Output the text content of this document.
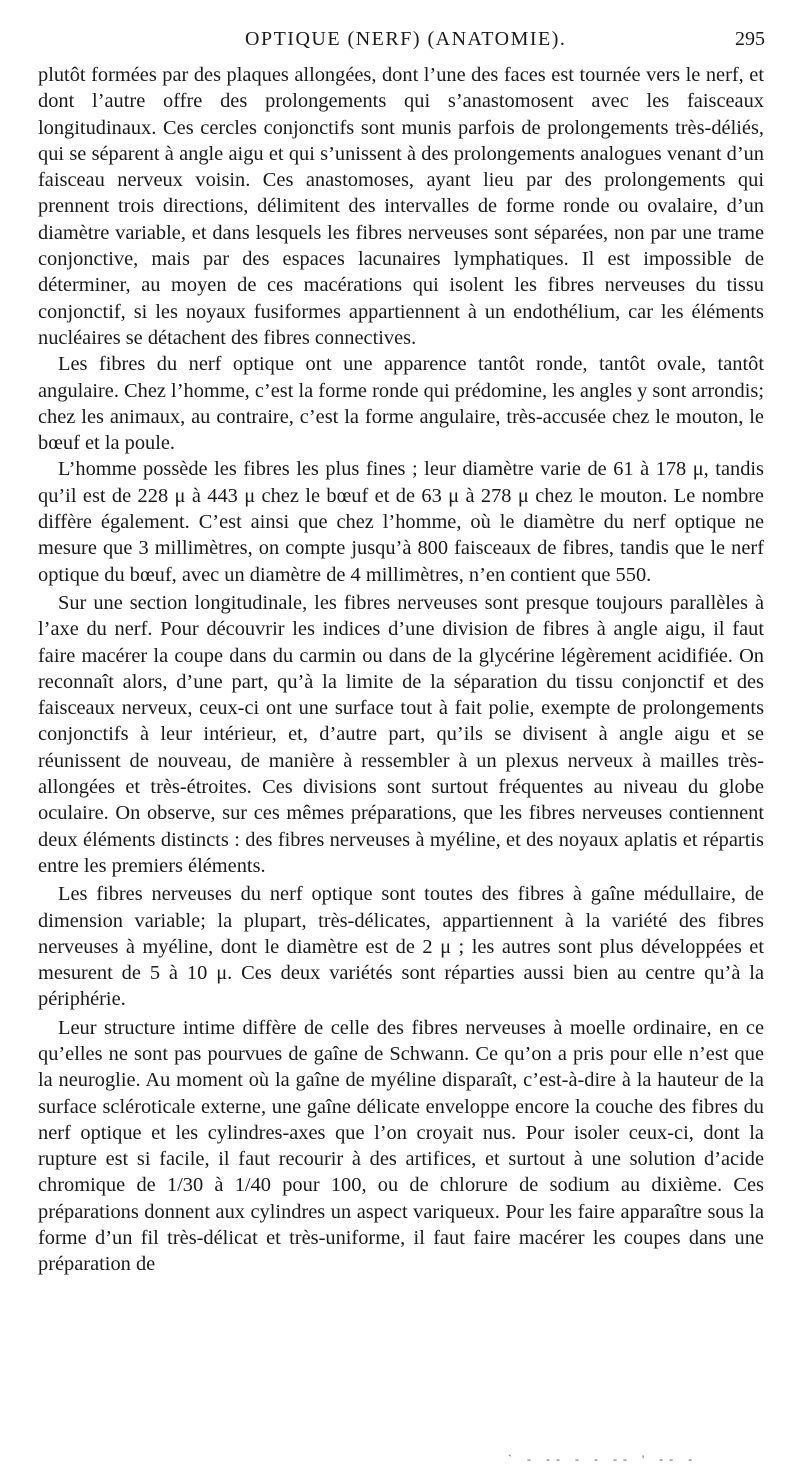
OPTIQUE (NERF) (ANATOMIE).	295

plutôt formées par des plaques allongées, dont l’une des faces est tournée vers le nerf, et dont l’autre offre des prolongements qui s’anastomosent avec les faisceaux longitudinaux. Ces cercles conjonctifs sont munis parfois de prolongements très-déliés, qui se séparent à angle aigu et qui s’unissent à des prolongements analogues venant d’un faisceau nerveux voisin. Ces anastomoses, ayant lieu par des prolongements qui prennent trois directions, délimitent des intervalles de forme ronde ou ovalaire, d’un diamètre variable, et dans lesquels les fibres nerveuses sont séparées, non par une trame conjonctive, mais par des espaces lacunaires lymphatiques. Il est impossible de déterminer, au moyen de ces macérations qui isolent les fibres nerveuses du tissu conjonctif, si les noyaux fusiformes appartiennent à un endothélium, car les éléments nucléaires se détachent des fibres connectives.

Les fibres du nerf optique ont une apparence tantôt ronde, tantôt ovale, tantôt angulaire. Chez l’homme, c’est la forme ronde qui prédomine, les angles y sont arrondis; chez les animaux, au contraire, c’est la forme angulaire, très-accusée chez le mouton, le bœuf et la poule.

L’homme possède les fibres les plus fines ; leur diamètre varie de 61 à 178 μ, tandis qu’il est de 228 μ à 443 μ chez le bœuf et de 63 μ à 278 μ chez le mouton. Le nombre diffère également. C’est ainsi que chez l’homme, où le diamètre du nerf optique ne mesure que 3 millimètres, on compte jusqu’à 800 faisceaux de fibres, tandis que le nerf optique du bœuf, avec un diamètre de 4 millimètres, n’en contient que 550.

Sur une section longitudinale, les fibres nerveuses sont presque toujours parallèles à l’axe du nerf. Pour découvrir les indices d’une division de fibres à angle aigu, il faut faire macérer la coupe dans du carmin ou dans de la glycérine légèrement acidifiée. On reconnaît alors, d’une part, qu’à la limite de la séparation du tissu conjonctif et des faisceaux nerveux, ceux-ci ont une surface tout à fait polie, exempte de prolongements conjonctifs à leur intérieur, et, d’autre part, qu’ils se divisent à angle aigu et se réunissent de nouveau, de manière à ressembler à un plexus nerveux à mailles très-allongées et très-étroites. Ces divisions sont surtout fréquentes au niveau du globe oculaire. On observe, sur ces mêmes préparations, que les fibres nerveuses contiennent deux éléments distincts : des fibres nerveuses à myéline, et des noyaux aplatis et répartis entre les premiers éléments.

Les fibres nerveuses du nerf optique sont toutes des fibres à gaîne médullaire, de dimension variable; la plupart, très-délicates, appartiennent à la variété des fibres nerveuses à myéline, dont le diamètre est de 2 μ ; les autres sont plus développées et mesurent de 5 à 10 μ. Ces deux variétés sont réparties aussi bien au centre qu’à la périphérie.

Leur structure intime diffère de celle des fibres nerveuses à moelle ordinaire, en ce qu’elles ne sont pas pourvues de gaîne de Schwann. Ce qu’on a pris pour elle n’est que la neuroglie. Au moment où la gaîne de myéline disparaît, c’est-à-dire à la hauteur de la surface scléroticale externe, une gaîne délicate enveloppe encore la couche des fibres du nerf optique et les cylindres-axes que l’on croyait nus. Pour isoler ceux-ci, dont la rupture est si facile, il faut recourir à des artifices, et surtout à une solution d’acide chromique de 1/30 à 1/40 pour 100, ou de chlorure de sodium au dixième. Ces préparations donnent aux cylindres un aspect variqueux. Pour les faire apparaître sous la forme d’un fil très-délicat et très-uniforme, il faut faire macérer les coupes dans une préparation de

` - -- - - -- ' -- -
